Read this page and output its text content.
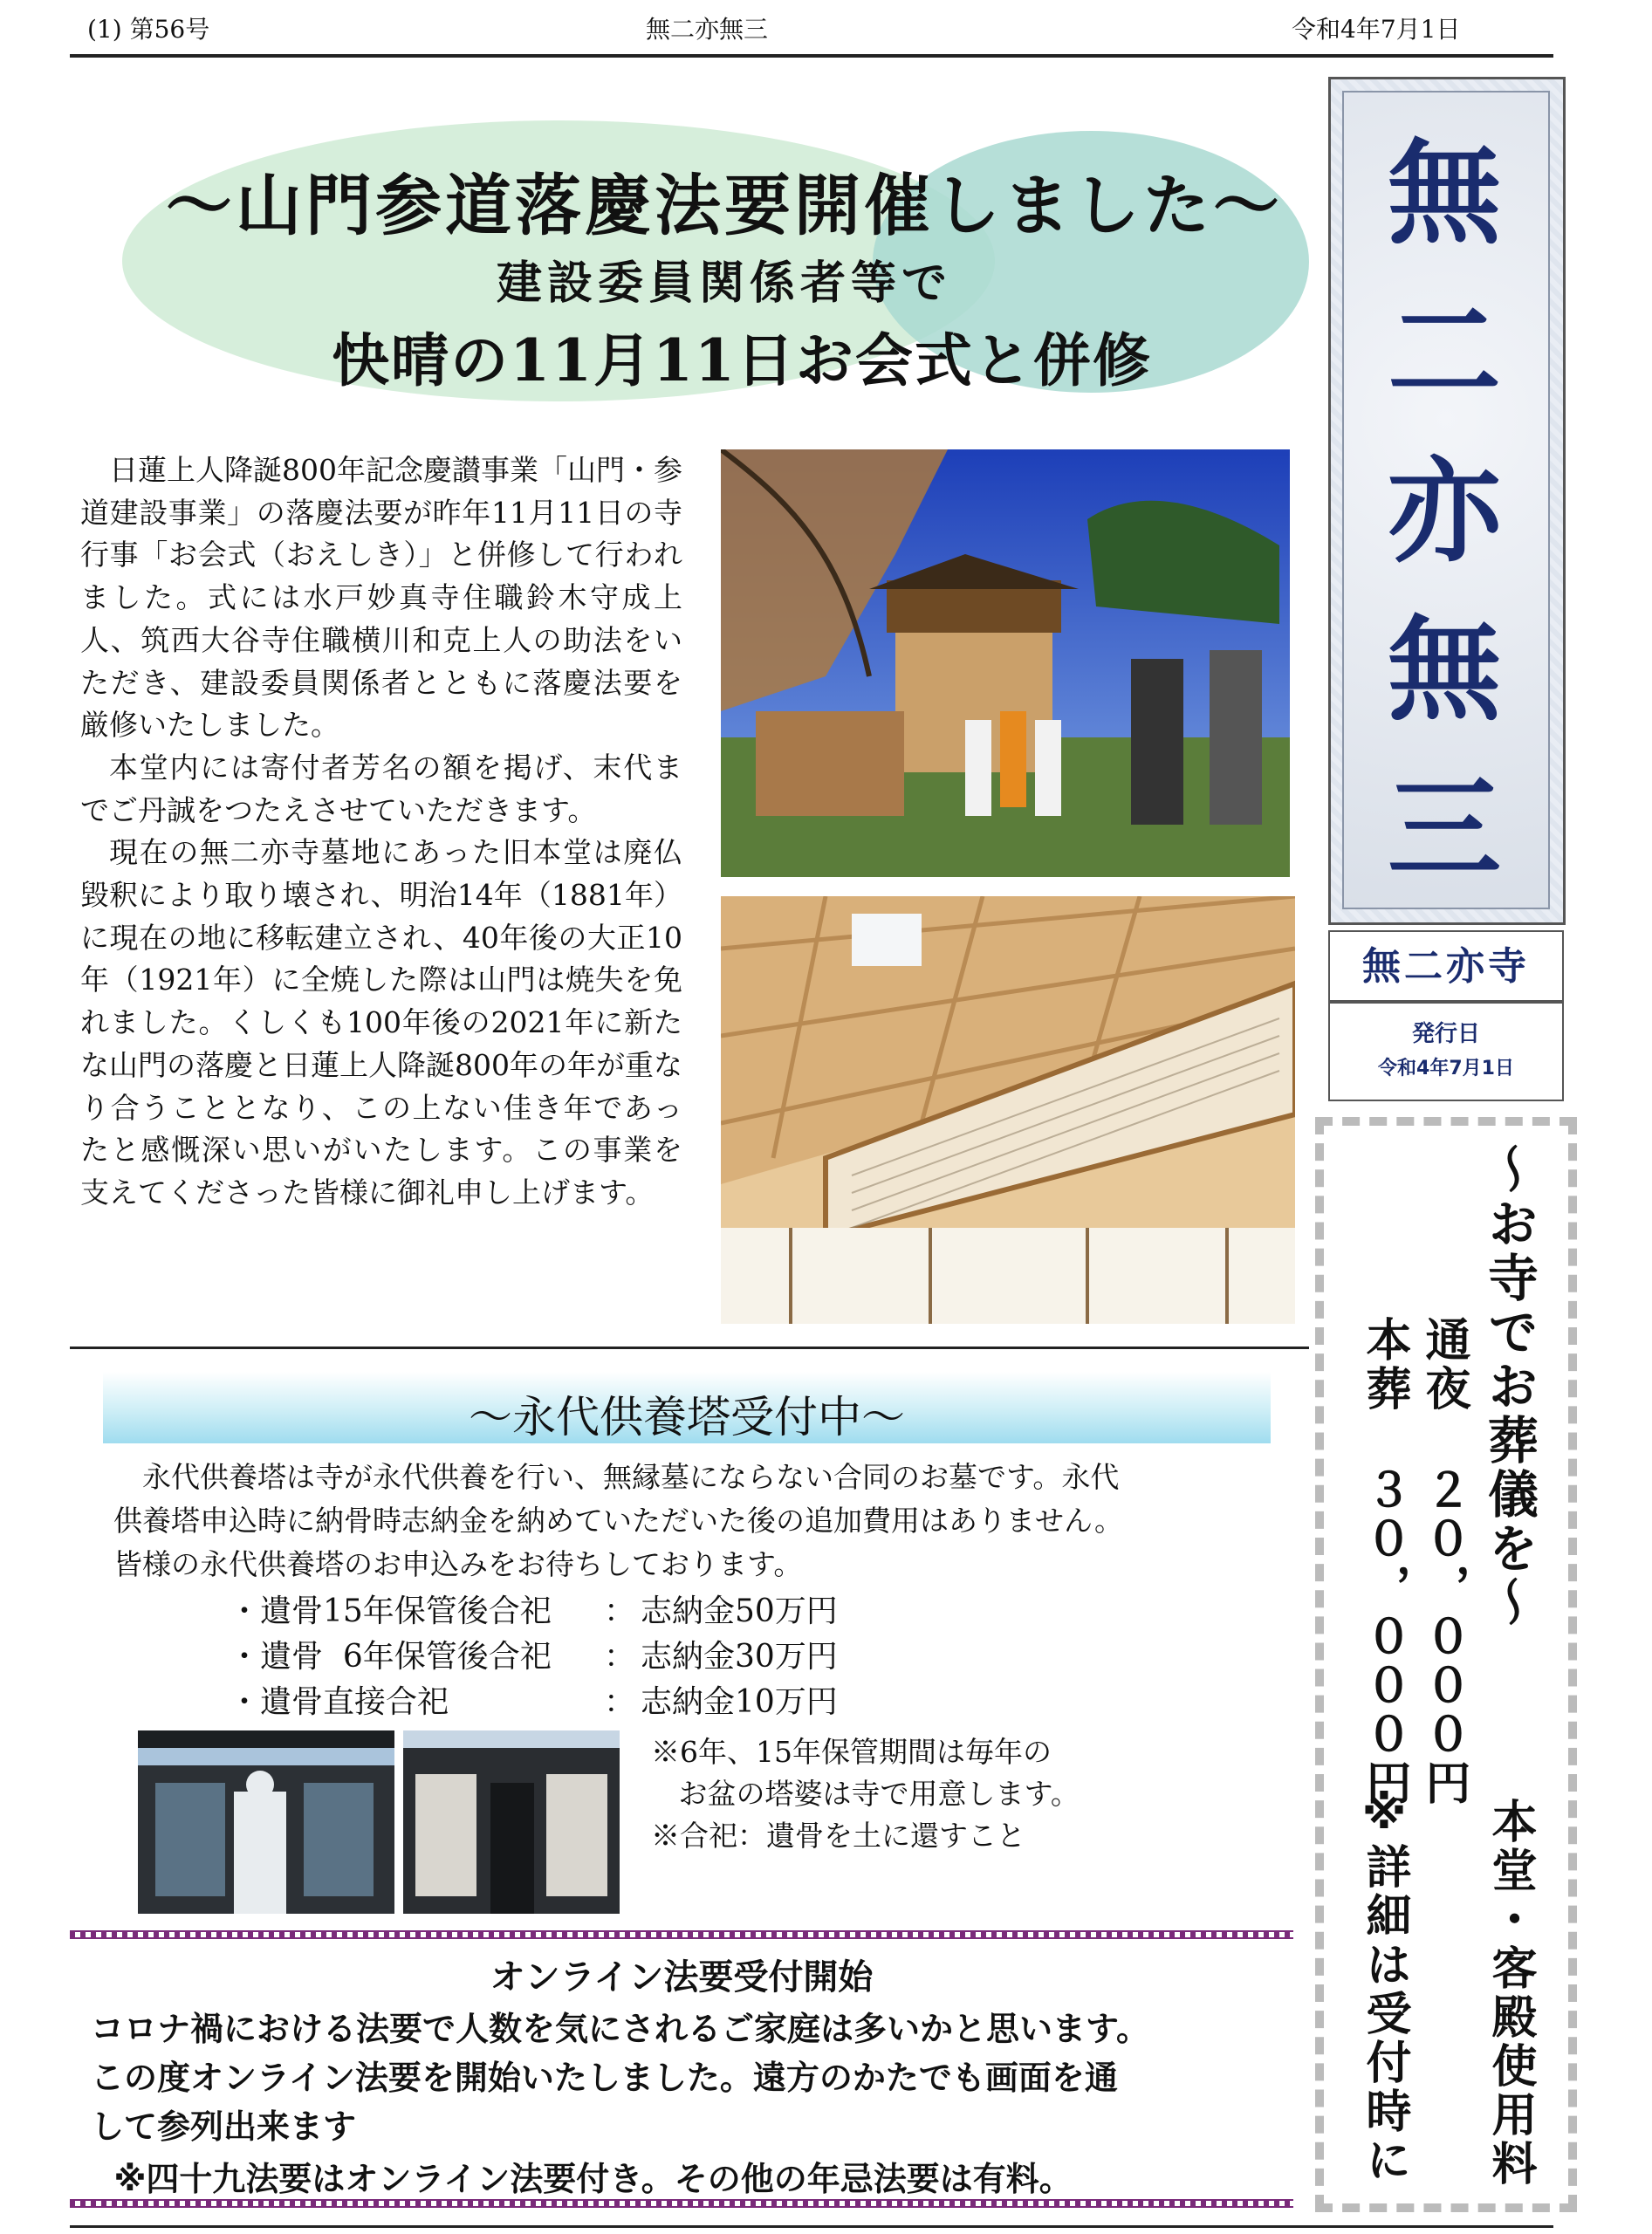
(1) 第56号	無二亦無三	令和4年7月1日
～山門参道落慶法要開催しました～
建設委員関係者等で
快晴の11月11日お会式と併修

日蓮上人降誕800年記念慶讃事業「山門・参道建設事業」の落慶法要が昨年11月11日の寺行事「お会式（おえしき）」と併修して行われました。式には水戸妙真寺住職鈴木守成上人、筑西大谷寺住職横川和克上人の助法をいただき、建設委員関係者とともに落慶法要を厳修いたしました。

本堂内には寄付者芳名の額を掲げ、末代までご丹誠をつたえさせていただきます。

現在の無二亦寺墓地にあった旧本堂は廃仏毀釈により取り壊され、明治14年（1881年）に現在の地に移転建立され、40年後の大正10年（1921年）に全焼した際は山門は焼失を免れました。くしくも100年後の2021年に新たな山門の落慶と日蓮上人降誕800年の年が重なり合うこととなり、この上ない佳き年であったと感慨深い思いがいたします。この事業を支えてくださった皆様に御礼申し上げます。

無
二
亦
無
三
無二亦寺
発行日
令和4年7月1日
～お寺でお葬儀を～
本堂・客殿使用料
通夜
２０，０００円
本葬
３０，０００円
※詳細は受付時に
～永代供養塔受付中～

永代供養塔は寺が永代供養を行い、無縁墓にならない合同のお墓です。永代

供養塔申込時に納骨時志納金を納めていただいた後の追加費用はありません。

皆様の永代供養塔のお申込みをお待ちしております。

・遺骨15年保管後合祀 ： 志納金50万円
・遺骨  6年保管後合祀 ： 志納金30万円
・遺骨直接合祀	： 志納金10万円
※6年、15年保管期間は毎年の
お盆の塔婆は寺で用意します。
※合祀：遺骨を土に還すこと
オンライン法要受付開始
コロナ禍における法要で人数を気にされるご家庭は多いかと思います。
この度オンライン法要を開始いたしました。遠方のかたでも画面を通
して参列出来ます
※四十九法要はオンライン法要付き。その他の年忌法要は有料。
